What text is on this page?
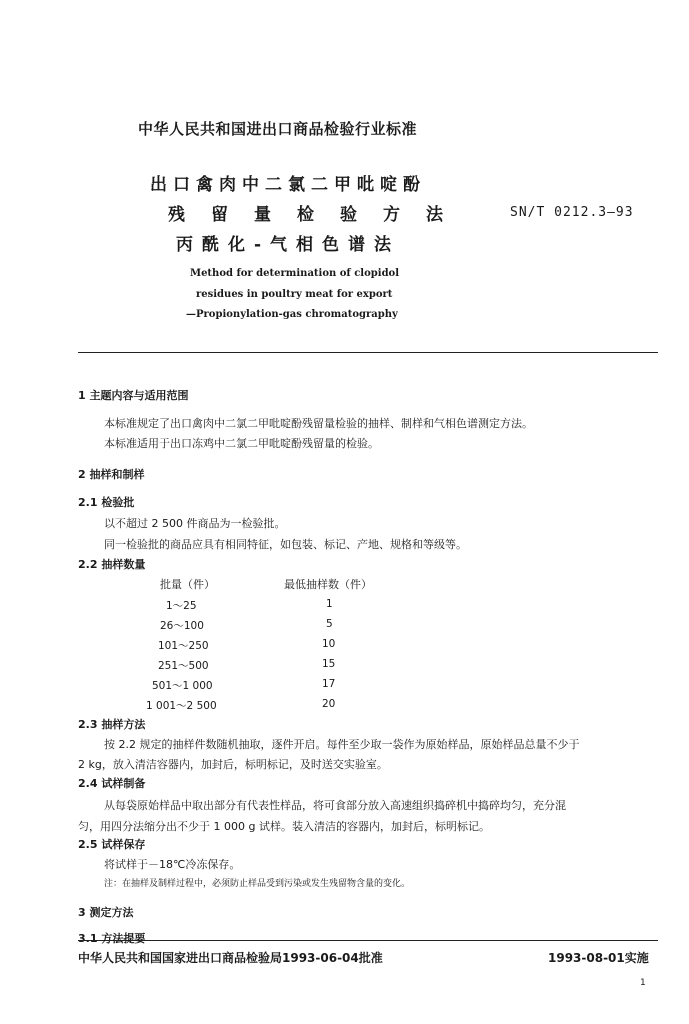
中华人民共和国进出口商品检验行业标准
出口禽肉中二氯二甲吡啶酚
残留量检验方法
丙酰化-气相色谱法
SN/T 0212.3—93
Method for determination of clopidol
residues in poultry meat for export
—Propionylation-gas chromatography
1 主题内容与适用范围
本标准规定了出口禽肉中二氯二甲吡啶酚残留量检验的抽样、制样和气相色谱测定方法。
本标准适用于出口冻鸡中二氯二甲吡啶酚残留量的检验。
2 抽样和制样
2.1 检验批
以不超过 2 500 件商品为一检验批。
同一检验批的商品应具有相同特征，如包装、标记、产地、规格和等级等。
2.2 抽样数量
批量（件）	最低抽样数（件）
1～25	1
26～100	5
101～250	10
251～500	15
501～1 000	17
1 001～2 500	20
2.3 抽样方法
按 2.2 规定的抽样件数随机抽取，逐件开启。每件至少取一袋作为原始样品，原始样品总量不少于
2 kg，放入清洁容器内，加封后，标明标记，及时送交实验室。
2.4 试样制备
从每袋原始样品中取出部分有代表性样品，将可食部分放入高速组织捣碎机中捣碎均匀，充分混
匀，用四分法缩分出不少于 1 000 g 试样。装入清洁的容器内，加封后，标明标记。
2.5 试样保存
将试样于－18℃冷冻保存。
注：在抽样及制样过程中，必须防止样品受到污染或发生残留物含量的变化。
3 测定方法
3.1 方法提要
中华人民共和国国家进出口商品检验局1993-06-04批准	1993-08-01实施
1
